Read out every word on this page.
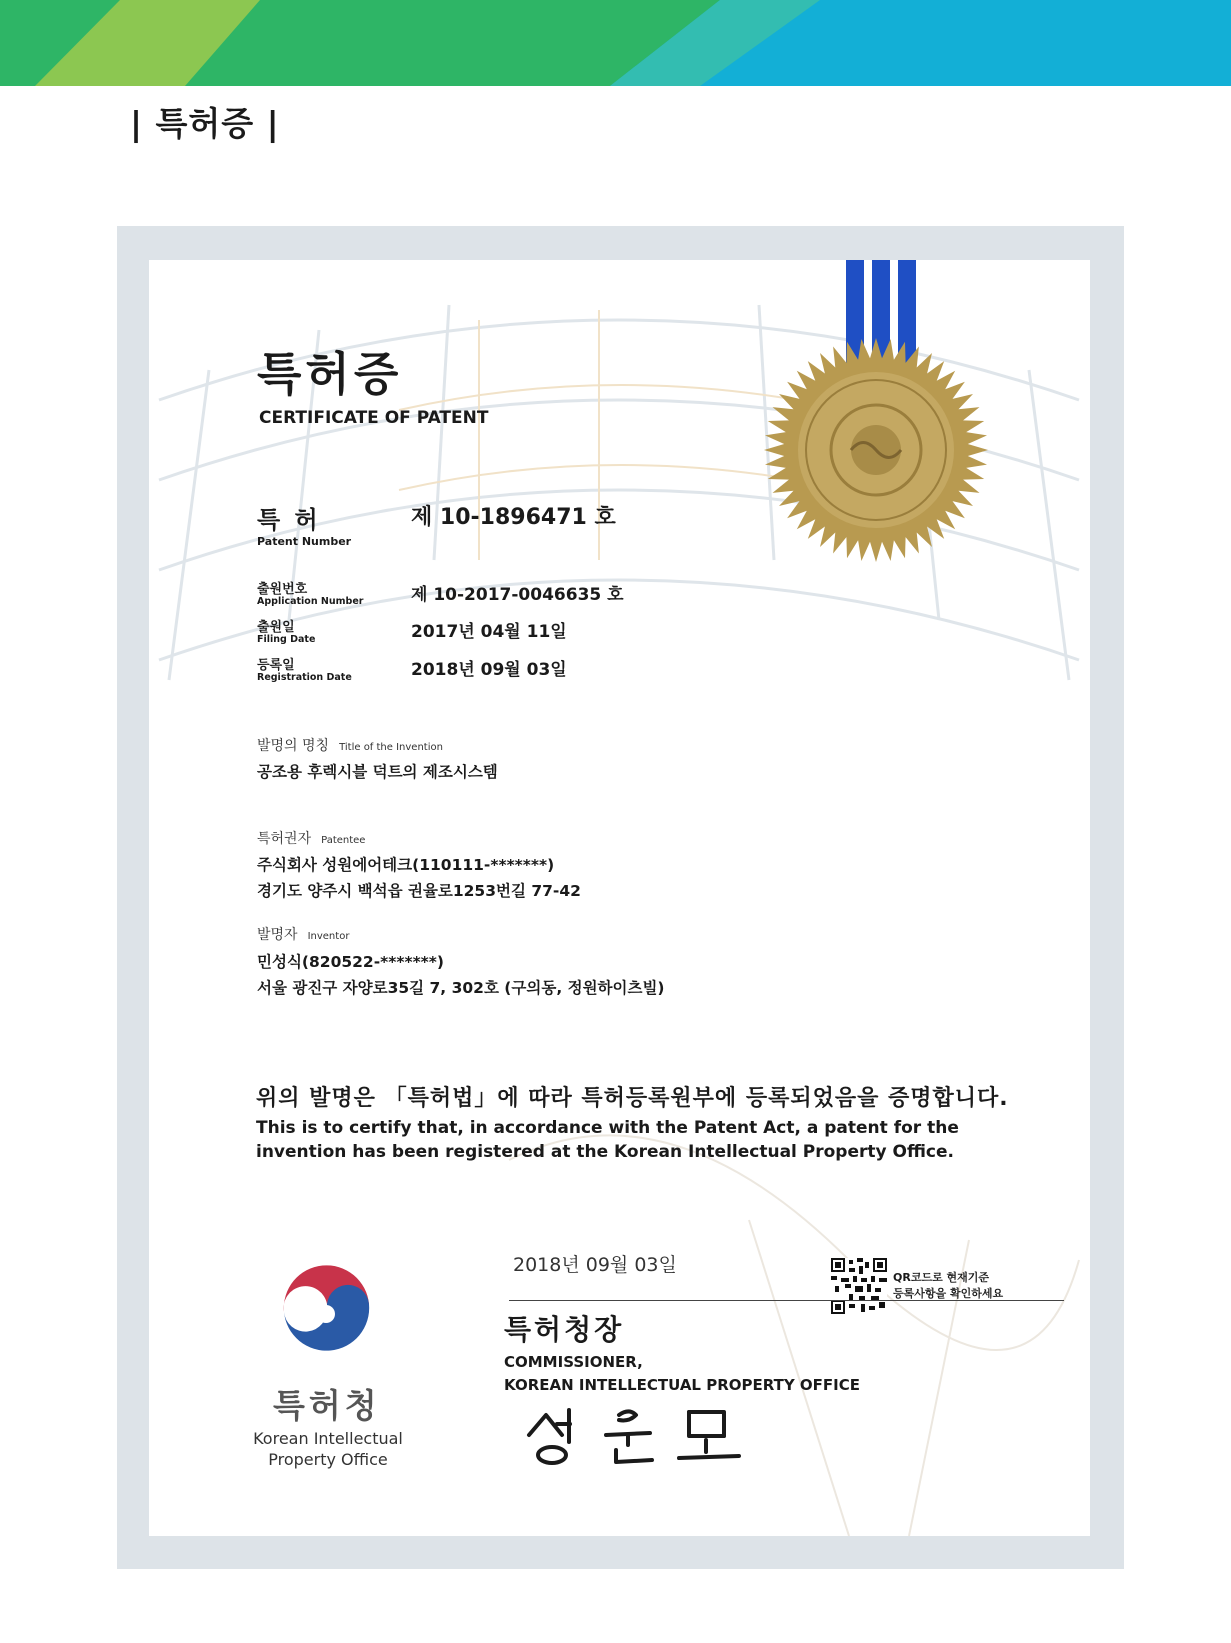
| 특허증 |
특허증
CERTIFICATE OF PATENT
특 허
Patent Number
제 10-1896471 호
출원번호
Application Number	제 10-2017-0046635 호
출원일
Filing Date	2017년 04월 11일
등록일
Registration Date	2018년 09월 03일
발명의 명칭 Title of the Invention
공조용 후렉시블 덕트의 제조시스템
특허권자 Patentee
주식회사 성원에어테크(110111-*******)
경기도 양주시 백석읍 권율로1253번길 77-42
발명자 Inventor
민성식(820522-*******)
서울 광진구 자양로35길 7, 302호 (구의동, 정원하이츠빌)
위의 발명은 「특허법」에 따라 특허등록원부에 등록되었음을 증명합니다.
This is to certify that, in accordance with the Patent Act, a patent for the invention has been registered at the Korean Intellectual Property Office.
2018년 09월 03일
QR코드로 현재기준
등록사항을 확인하세요
특허청장
COMMISSIONER,
KOREAN INTELLECTUAL PROPERTY OFFICE
특허청
Korean Intellectual Property Office
